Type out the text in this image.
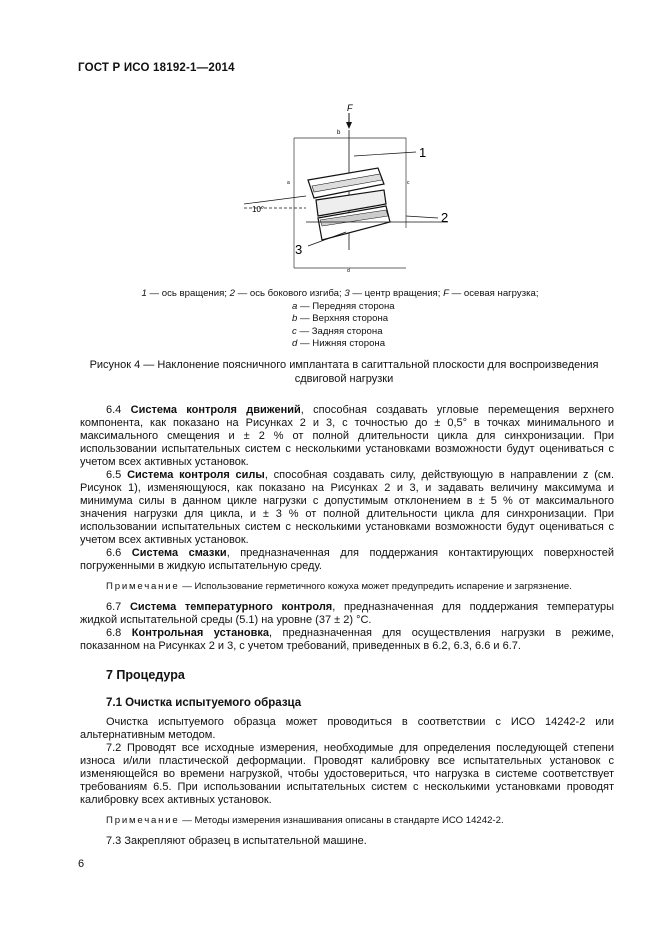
ГОСТ Р ИСО 18192-1—2014
F
b
a	c
d
10°
1
2
3
1 — ось вращения; 2 — ось бокового изгиба; 3 — центр вращения; F — осевая нагрузка;
a — Передняя сторона
b — Верхняя сторона
c — Задняя сторона
d — Нижняя сторона
Рисунок 4 — Наклонение поясничного имплантата в сагиттальной плоскости для воспроизведения сдвиговой нагрузки

6.4 Система контроля движений, способная создавать угловые перемещения верхнего компонента, как показано на Рисунках 2 и 3, с точностью до ± 0,5° в точках минимального и максимального смещения и ± 2 % от полной длительности цикла для синхронизации. При использовании испытательных систем с несколькими установками возможности будут оцениваться с учетом всех активных установок.

6.5 Система контроля силы, способная создавать силу, действующую в направлении z (см. Рисунок 1), изменяющуюся, как показано на Рисунках 2 и 3, и задавать величину максимума и минимума силы в данном цикле нагрузки с допустимым отклонением в ± 5 % от максимального значения нагрузки для цикла, и ± 3 % от полной длительности цикла для синхронизации. При использовании испытательных систем с несколькими установками возможности будут оцениваться с учетом всех активных установок.

6.6 Система смазки, предназначенная для поддержания контактирующих поверхностей погруженными в жидкую испытательную среду.

Примечание — Использование герметичного кожуха может предупредить испарение и загрязнение.

6.7 Система температурного контроля, предназначенная для поддержания температуры жидкой испытательной среды (5.1) на уровне (37 ± 2) °С.

6.8 Контрольная установка, предназначенная для осуществления нагрузки в режиме, показанном на Рисунках 2 и 3, с учетом требований, приведенных в 6.2, 6.3, 6.6 и 6.7.

7 Процедура
7.1 Очистка испытуемого образца

Очистка испытуемого образца может проводиться в соответствии с ИСО 14242-2 или альтернативным методом.

7.2 Проводят все исходные измерения, необходимые для определения последующей степени износа и/или пластической деформации. Проводят калибровку все испытательных установок с изменяющейся во времени нагрузкой, чтобы удостовериться, что нагрузка в системе соответствует требованиям 6.5. При использовании испытательных систем с несколькими установками проводят калибровку всех активных установок.

Примечание — Методы измерения изнашивания описаны в стандарте ИСО 14242-2.

7.3 Закрепляют образец в испытательной машине.

6
